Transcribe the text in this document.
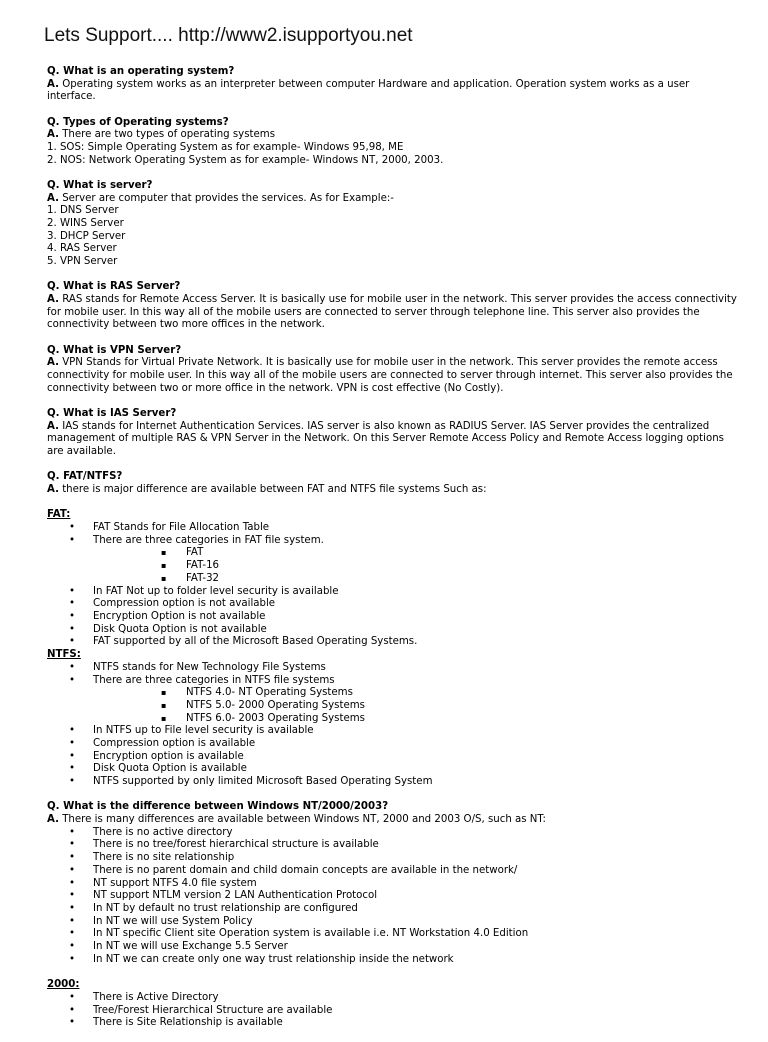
Lets Support.... http://www2.isupportyou.net
Q. What is an operating system?
A. Operating system works as an interpreter between computer Hardware and application. Operation system works as a user interface.
Q. Types of Operating systems?
A. There are two types of operating systems
1. SOS: Simple Operating System as for example- Windows 95,98, ME
2. NOS: Network Operating System as for example- Windows NT, 2000, 2003.
Q. What is server?
A. Server are computer that provides the services. As for Example:-
1. DNS Server
2. WINS Server
3. DHCP Server
4. RAS Server
5. VPN Server
Q. What is RAS Server?
A. RAS stands for Remote Access Server. It is basically use for mobile user in the network. This server provides the access connectivity for mobile user. In this way all of the mobile users are connected to server through telephone line. This server also provides the connectivity between two more offices in the network.
Q. What is VPN Server?
A. VPN Stands for Virtual Private Network. It is basically use for mobile user in the network. This server provides the remote access connectivity for mobile user. In this way all of the mobile users are connected to server through internet. This server also provides the connectivity between two or more office in the network. VPN is cost effective (No Costly).
Q. What is IAS Server?
A. IAS stands for Internet Authentication Services. IAS server is also known as RADIUS Server. IAS Server provides the centralized management of multiple RAS & VPN Server in the Network. On this Server Remote Access Policy and Remote Access logging options are available.
Q. FAT/NTFS?
A. there is major difference are available between FAT and NTFS file systems Such as:
FAT:
• FAT Stands for File Allocation Table
• There are three categories in FAT file system.
▪ FAT
▪ FAT-16
▪ FAT-32
• In FAT Not up to folder level security is available
• Compression option is not available
• Encryption Option is not available
• Disk Quota Option is not available
• FAT supported by all of the Microsoft Based Operating Systems.
NTFS:
• NTFS stands for New Technology File Systems
• There are three categories in NTFS file systems
▪ NTFS 4.0- NT Operating Systems
▪ NTFS 5.0- 2000 Operating Systems
▪ NTFS 6.0- 2003 Operating Systems
• In NTFS up to File level security is available
• Compression option is available
• Encryption option is available
• Disk Quota Option is available
• NTFS supported by only limited Microsoft Based Operating System
Q. What is the difference between Windows NT/2000/2003?
A. There is many differences are available between Windows NT, 2000 and 2003 O/S, such as NT:
• There is no active directory
• There is no tree/forest hierarchical structure is available
• There is no site relationship
• There is no parent domain and child domain concepts are available in the network/
• NT support NTFS 4.0 file system
• NT support NTLM version 2 LAN Authentication Protocol
• In NT by default no trust relationship are configured
• In NT we will use System Policy
• In NT specific Client site Operation system is available i.e. NT Workstation 4.0 Edition
• In NT we will use Exchange 5.5 Server
• In NT we can create only one way trust relationship inside the network
2000:
• There is Active Directory
• Tree/Forest Hierarchical Structure are available
• There is Site Relationship is available
